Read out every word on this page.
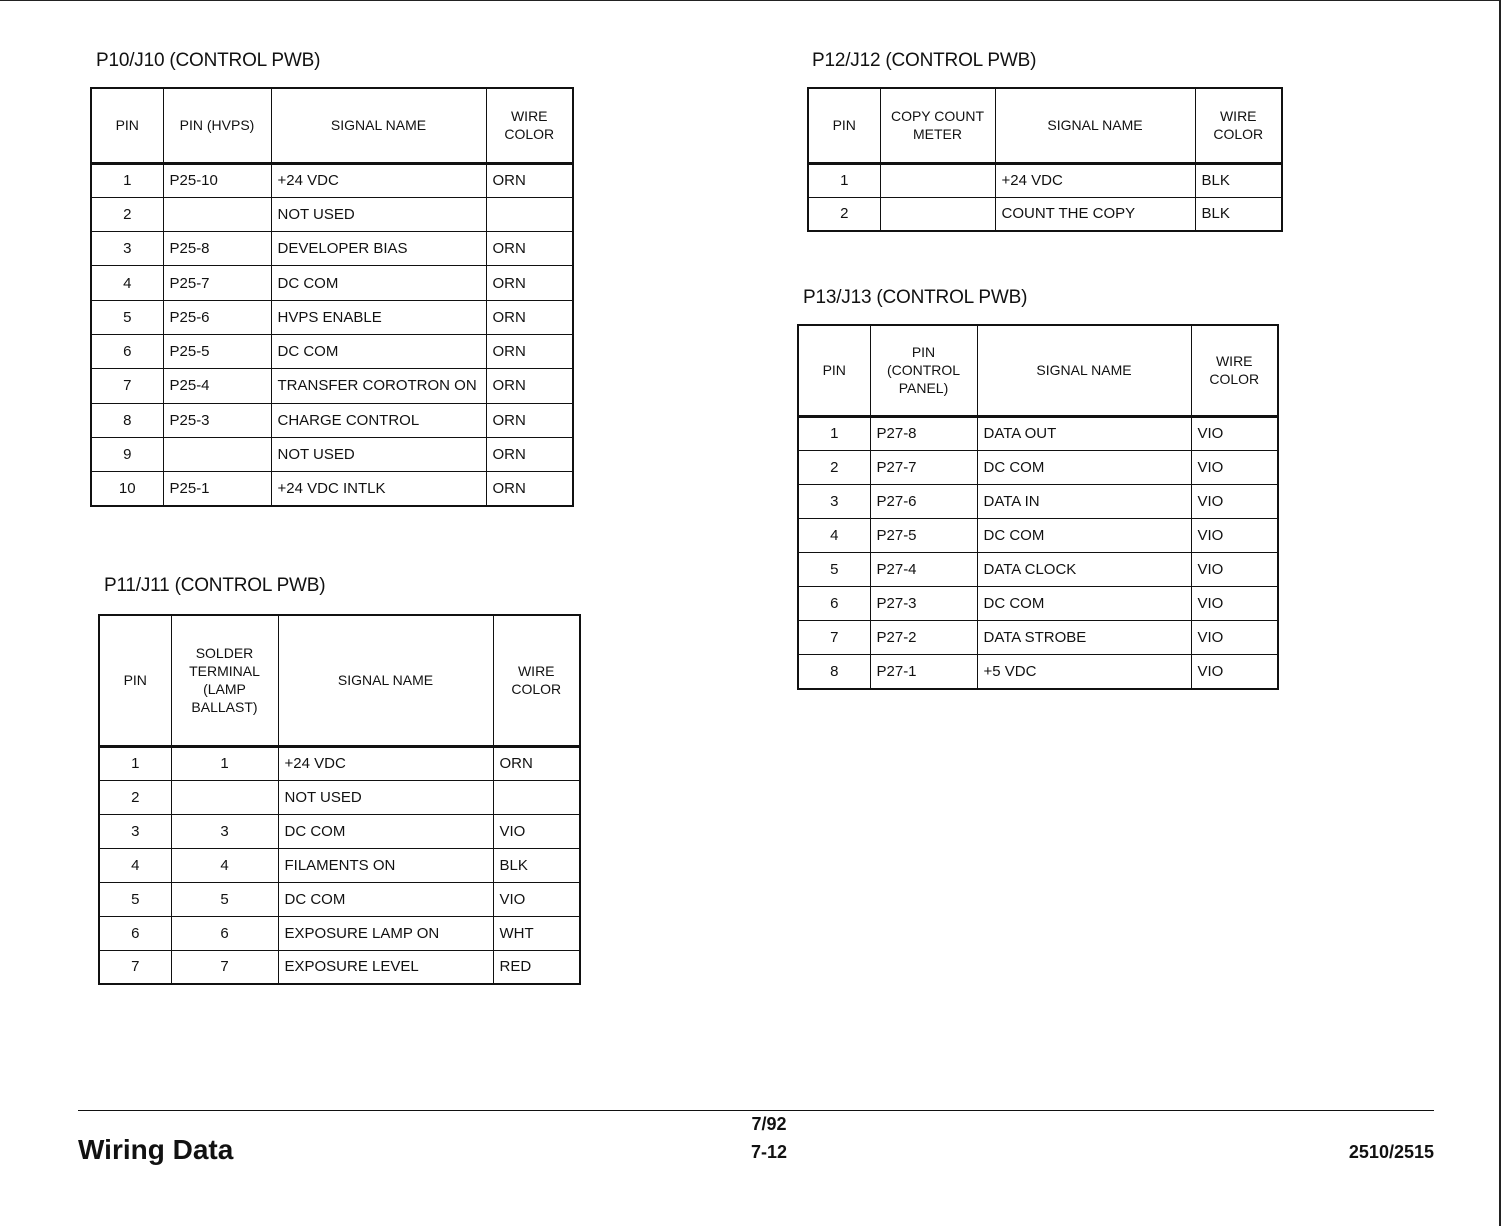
P10/J10 (CONTROL PWB)
PIN	PIN (HVPS)	SIGNAL NAME	WIRE COLOR
1	P25-10	+24 VDC	ORN
2		NOT USED	
3	P25-8	DEVELOPER BIAS	ORN
4	P25-7	DC COM	ORN
5	P25-6	HVPS ENABLE	ORN
6	P25-5	DC COM	ORN
7	P25-4	TRANSFER COROTRON ON	ORN
8	P25-3	CHARGE CONTROL	ORN
9		NOT USED	ORN
10	P25-1	+24 VDC INTLK	ORN
P11/J11 (CONTROL PWB)
PIN	SOLDER TERMINAL (LAMP BALLAST)	SIGNAL NAME	WIRE COLOR
1	1	+24 VDC	ORN
2		NOT USED	
3	3	DC COM	VIO
4	4	FILAMENTS ON	BLK
5	5	DC COM	VIO
6	6	EXPOSURE LAMP ON	WHT
7	7	EXPOSURE LEVEL	RED
P12/J12 (CONTROL PWB)
PIN	COPY COUNT METER	SIGNAL NAME	WIRE COLOR
1		+24 VDC	BLK
2		COUNT THE COPY	BLK
P13/J13 (CONTROL PWB)
PIN	PIN (CONTROL PANEL)	SIGNAL NAME	WIRE COLOR
1	P27-8	DATA OUT	VIO
2	P27-7	DC COM	VIO
3	P27-6	DATA IN	VIO
4	P27-5	DC COM	VIO
5	P27-4	DATA CLOCK	VIO
6	P27-3	DC COM	VIO
7	P27-2	DATA STROBE	VIO
8	P27-1	+5 VDC	VIO
Wiring Data
7/92
7-12	2510/2515
